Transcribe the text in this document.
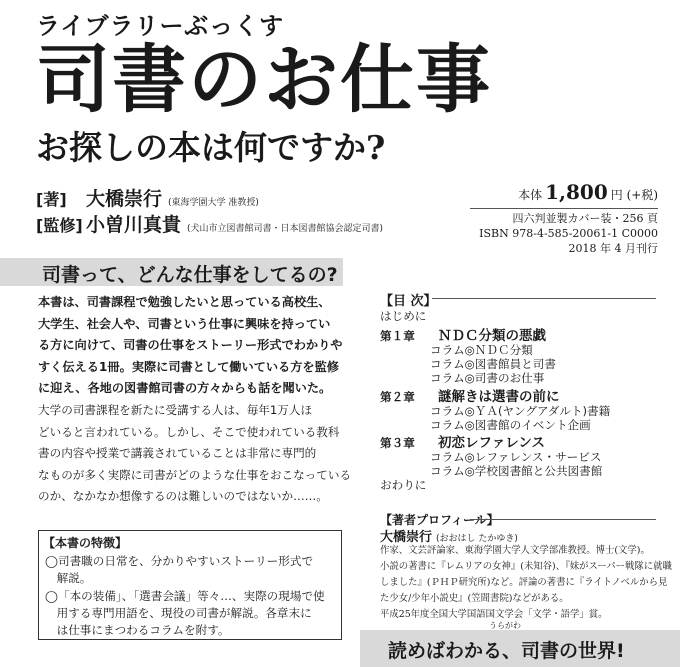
ライブラリーぶっくす
司書のお仕事
お探しの本は何ですか?
[著]	大橋崇行 (東海学園大学 准教授)
[監修] 小曽川真貴 (犬山市立図書館司書・日本図書館協会認定司書)
本体 1,800 円 (+税)
四六判並製カバー装・256 頁
ISBN 978-4-585-20061-1 C0000
2018 年 4 月刊行
司書って、どんな仕事をしてるの?
本書は、司書課程で勉強したいと思っている高校生、
大学生、社会人や、司書という仕事に興味を持ってい
る方に向けて、司書の仕事をストーリー形式でわかりや
すく伝える1冊。実際に司書として働いている方を監修
に迎え、各地の図書館司書の方々からも話を聞いた。
大学の司書課程を新たに受講する人は、毎年1万人ほ
どいると言われている。しかし、そこで使われている教科
書の内容や授業で講義されていることは非常に専門的
なものが多く実際に司書がどのような仕事をおこなっている
のか、なかなか想像するのは難しいのではないか……。
【本書の特徴】
◯司書職の日常を、分かりやすいストーリー形式で
　解説。
◯「本の装備」、「選書会議」等々…、実際の現場で使
　用する専門用語を、現役の司書が解説。各章末に
　は仕事にまつわるコラムを附す。
【目 次】
はじめに
第１章 ＮＤＣ分類の悪戯
コラム◎ＮＤＣ分類
コラム◎図書館員と司書
コラム◎司書のお仕事
第２章 謎解きは選書の前に
コラム◎ＹＡ(ヤングアダルト)書籍
コラム◎図書館のイベント企画
第３章 初恋レファレンス
コラム◎レファレンス・サービス
コラム◎学校図書館と公共図書館
おわりに
【著者プロフィール】
大橋崇行 (おおはし たかゆき)
作家、文芸評論家、東海学園大学人文学部准教授。博士(文学)。
小説の著書に『レムリアの女神』(未知谷)、『妹がスーパー戦隊に就職
しました』(ＰＨＰ研究所)など。評論の著書に『ライトノベルから見
た少女/少年小説史』(笠間書院)などがある。
平成25年度全国大学国語国文学会「文学・語学」賞。
うらがわ
読めばわかる、司書の世界!
